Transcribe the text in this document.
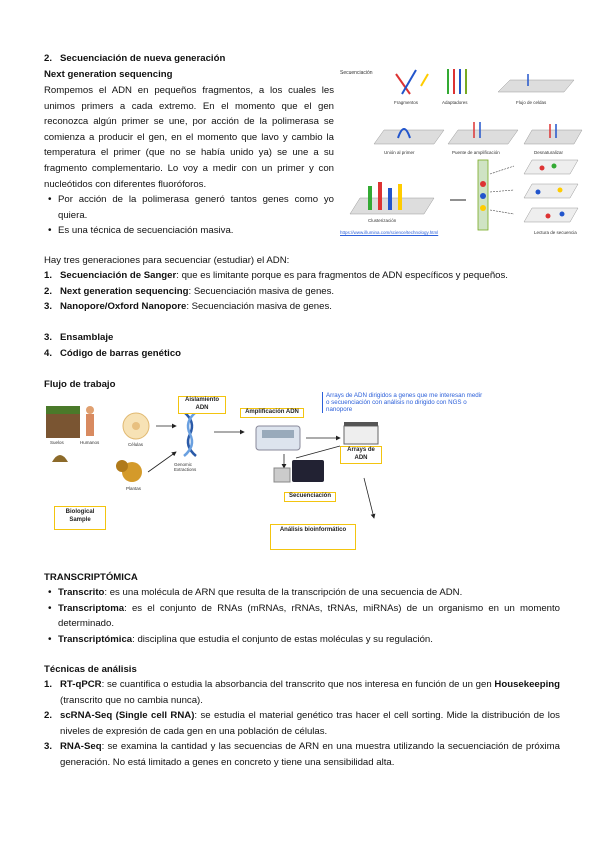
2. Secuenciación de nueva generación
Next generation sequencing
Rompemos el ADN en pequeños fragmentos, a los cuales les unimos primers a cada extremo. En el momento que el gen reconozca algún primer se une, por acción de la polimerasa se comienza a producir el gen, en el momento que lavo y cambio la temperatura el primer (que no se había unido ya) se une a su fragmento complementario. Lo voy a medir con un primer y con nucleótidos con diferentes fluoróforos.
• Por acción de la polimerasa generó tantos genes como yo quiera.
• Es una técnica de secuenciación masiva.
Secuenciación
Fragmentos	Adaptadores	Flujo de celdas
Unión al primer	Puente de amplificación	Desnaturalizar
Clusterización
Lectura de secuencia
https://www.illumina.com/science/technology.html
Hay tres generaciones para secuenciar (estudiar) el ADN:
1. Secuenciación de Sanger: que es limitante porque es para fragmentos de ADN específicos y pequeños.
2. Next generation sequencing: Secuenciación masiva de genes.
3. Nanopore/Oxford Nanopore: Secuenciación masiva de genes.
3. Ensamblaje
4. Código de barras genético
Flujo de trabajo
Aislamiento ADN
Amplificación ADN
Arrays de ADN
Secuenciación
Análisis bioinformático
Biological Sample
Arrays de ADN dirigidos a genes que me interesan medir o secuenciación con análisis no dirigido con NGS o nanopore
Suelos	Humanos
Plantas
Células
Genomic Extractions
TRANSCRIPTÓMICA
• Transcrito: es una molécula de ARN que resulta de la transcripción de una secuencia de ADN.
• Transcriptoma: es el conjunto de RNAs (mRNAs, rRNAs, tRNAs, miRNAs) de un organismo en un momento determinado.
• Transcriptómica: disciplina que estudia el conjunto de estas moléculas y su regulación.
Técnicas de análisis
1. RT-qPCR: se cuantifica o estudia la absorbancia del transcrito que nos interesa en función de un gen Housekeeping (transcrito que no cambia nunca).
2. scRNA-Seq (Single cell RNA): se estudia el material genético tras hacer el cell sorting. Mide la distribución de los niveles de expresión de cada gen en una población de células.
3. RNA-Seq: se examina la cantidad y las secuencias de ARN en una muestra utilizando la secuenciación de próxima generación. No está limitado a genes en concreto y tiene una sensibilidad alta.
